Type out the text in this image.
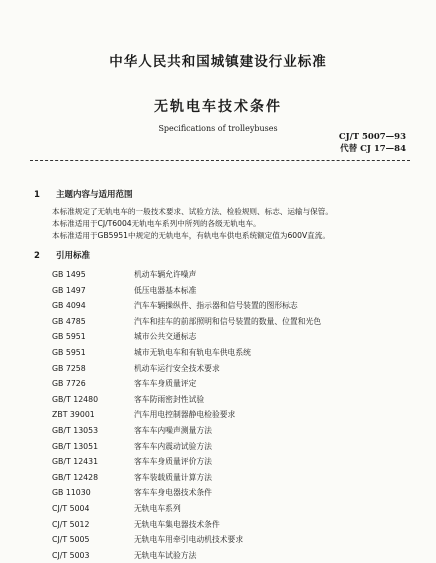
中华人民共和国城镇建设行业标准
无轨电车技术条件
Specifications of trolleybuses
CJ/T 5007—93
代替 CJ 17—84
1 主题内容与适用范围
本标准规定了无轨电车的一般技术要求、试验方法、检验规则、标志、运输与保管。
本标准适用于CJ/T6004无轨电车系列中所列的各级无轨电车。
本标准适用于GB5951中规定的无轨电车，有轨电车供电系统额定值为600V直流。
2 引用标准
GB 1495	机动车辆允许噪声
GB 1497	低压电器基本标准
GB 4094	汽车车辆操纵件、指示器和信号装置的图形标志
GB 4785	汽车和挂车的前部照明和信号装置的数量、位置和光色
GB 5951	城市公共交通标志
GB 5951	城市无轨电车和有轨电车供电系统
GB 7258	机动车运行安全技术要求
GB 7726	客车车身质量评定
GB/T 12480	客车防雨密封性试验
ZBT 39001	汽车用电控制器静电检验要求
GB/T 13053	客车车内噪声测量方法
GB/T 13051	客车车内震动试验方法
GB/T 12431	客车车身质量评价方法
GB/T 12428	客车装载质量计算方法
GB 11030	客车车身电器技术条件
CJ/T 5004	无轨电车系列
CJ/T 5012	无轨电车集电器技术条件
CJ/T 5005	无轨电车用牵引电动机技术要求
CJ/T 5003	无轨电车试验方法
